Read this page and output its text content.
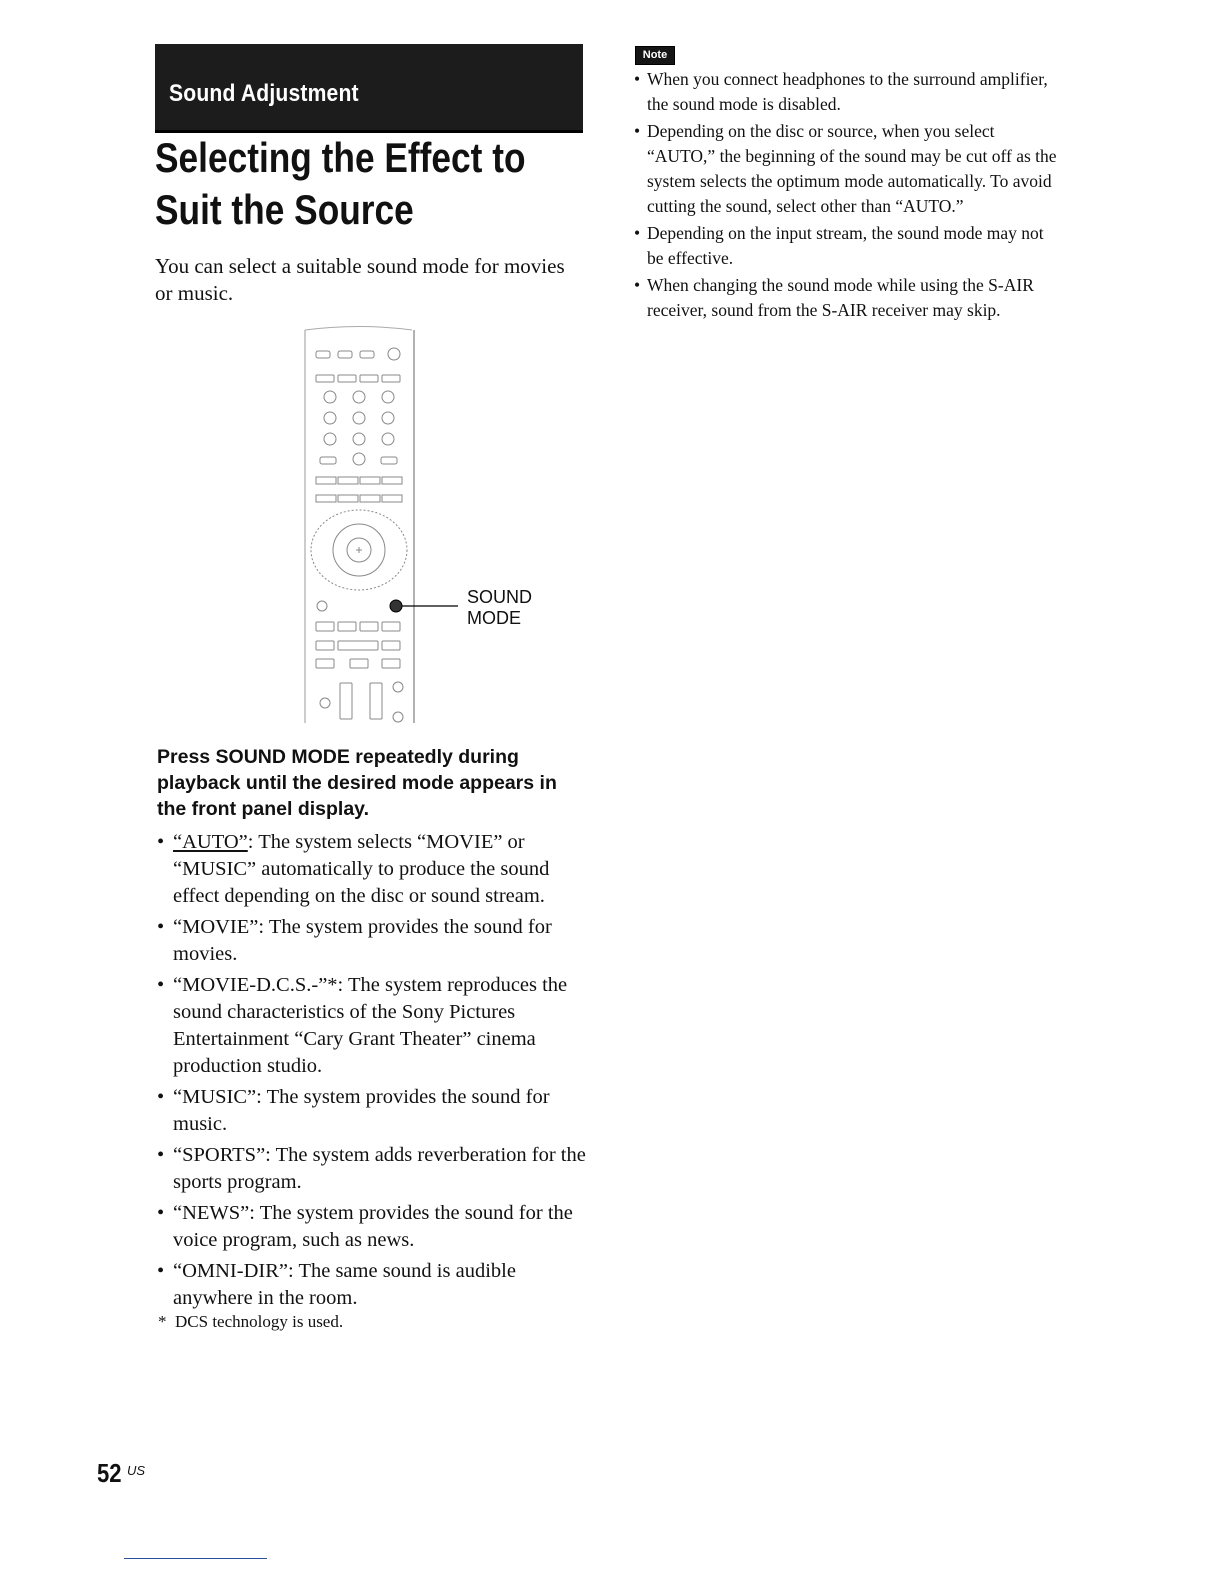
Sound Adjustment
Selecting the Effect to
Suit the Source

You can select a suitable sound mode for movies or music.

SOUND
MODE

Press SOUND MODE repeatedly during playback until the desired mode appears in the front panel display.

• “AUTO”: The system selects “MOVIE” or “MUSIC” automatically to produce the sound effect depending on the disc or sound stream.
• “MOVIE”: The system provides the sound for movies.
• “MOVIE-D.C.S.-”*: The system reproduces the sound characteristics of the Sony Pictures Entertainment “Cary Grant Theater” cinema production studio.
• “MUSIC”: The system provides the sound for music.
• “SPORTS”: The system adds reverberation for the sports program.
• “NEWS”: The system provides the sound for the voice program, such as news.
• “OMNI-DIR”: The same sound is audible anywhere in the room.

*  DCS technology is used.

Note
• When you connect headphones to the surround amplifier, the sound mode is disabled.
• Depending on the disc or source, when you select “AUTO,” the beginning of the sound may be cut off as the system selects the optimum mode automatically. To avoid cutting the sound, select other than “AUTO.”
• Depending on the input stream, the sound mode may not be effective.
• When changing the sound mode while using the S-AIR receiver, sound from the S-AIR receiver may skip.
52 US
